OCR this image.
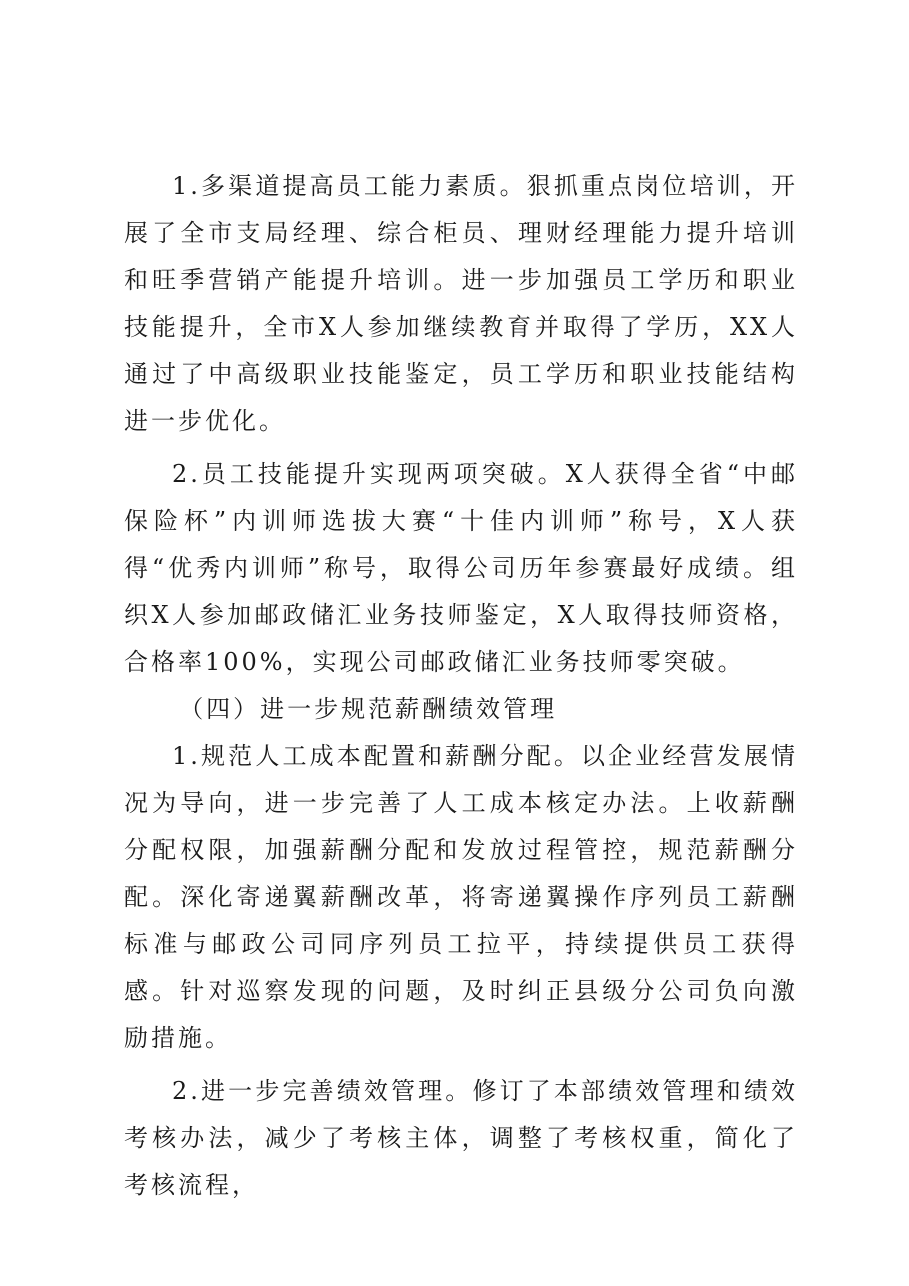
1.多渠道提高员工能力素质。狠抓重点岗位培训，开展了全市支局经理、综合柜员、理财经理能力提升培训和旺季营销产能提升培训。进一步加强员工学历和职业技能提升，全市X人参加继续教育并取得了学历，XX人通过了中高级职业技能鉴定，员工学历和职业技能结构进一步优化。

2.员工技能提升实现两项突破。X人获得全省“中邮保险杯”内训师选拔大赛“十佳内训师”称号，X人获得“优秀内训师”称号，取得公司历年参赛最好成绩。组织X人参加邮政储汇业务技师鉴定，X人取得技师资格，合格率100%，实现公司邮政储汇业务技师零突破。

（四）进一步规范薪酬绩效管理

1.规范人工成本配置和薪酬分配。以企业经营发展情况为导向，进一步完善了人工成本核定办法。上收薪酬分配权限，加强薪酬分配和发放过程管控，规范薪酬分配。深化寄递翼薪酬改革，将寄递翼操作序列员工薪酬标准与邮政公司同序列员工拉平，持续提供员工获得感。针对巡察发现的问题，及时纠正县级分公司负向激励措施。

2.进一步完善绩效管理。修订了本部绩效管理和绩效考核办法，减少了考核主体，调整了考核权重，简化了考核流程，
